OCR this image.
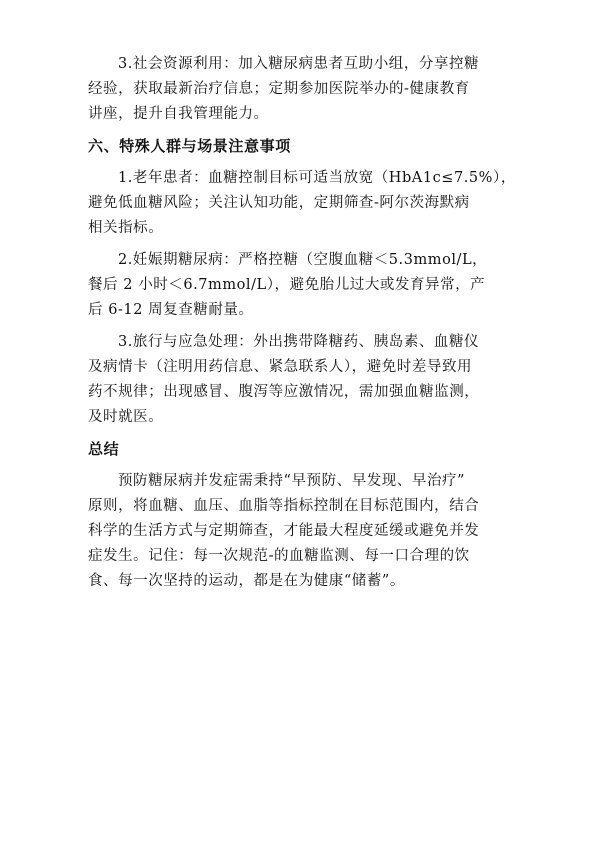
3.社会资源利用：加入糖尿病患者互助小组，分享控糖
经验，获取最新治疗信息；定期参加医院举办的-健康教育
讲座，提升自我管理能力。
六、特殊人群与场景注意事项
1.老年患者：血糖控制目标可适当放宽（HbA1c≤7.5%），
避免低血糖风险；关注认知功能，定期筛查-阿尔茨海默病
相关指标。
2.妊娠期糖尿病：严格控糖（空腹血糖＜5.3mmol/L，
餐后 2 小时＜6.7mmol/L），避免胎儿过大或发育异常，产
后 6-12 周复查糖耐量。
3.旅行与应急处理：外出携带降糖药、胰岛素、血糖仪
及病情卡（注明用药信息、紧急联系人），避免时差导致用
药不规律；出现感冒、腹泻等应激情况，需加强血糖监测，
及时就医。
总结
预防糖尿病并发症需秉持“早预防、早发现、早治疗”
原则，将血糖、血压、血脂等指标控制在目标范围内，结合
科学的生活方式与定期筛查，才能最大程度延缓或避免并发
症发生。记住：每一次规范-的血糖监测、每一口合理的饮
食、每一次坚持的运动，都是在为健康“储蓄”。
